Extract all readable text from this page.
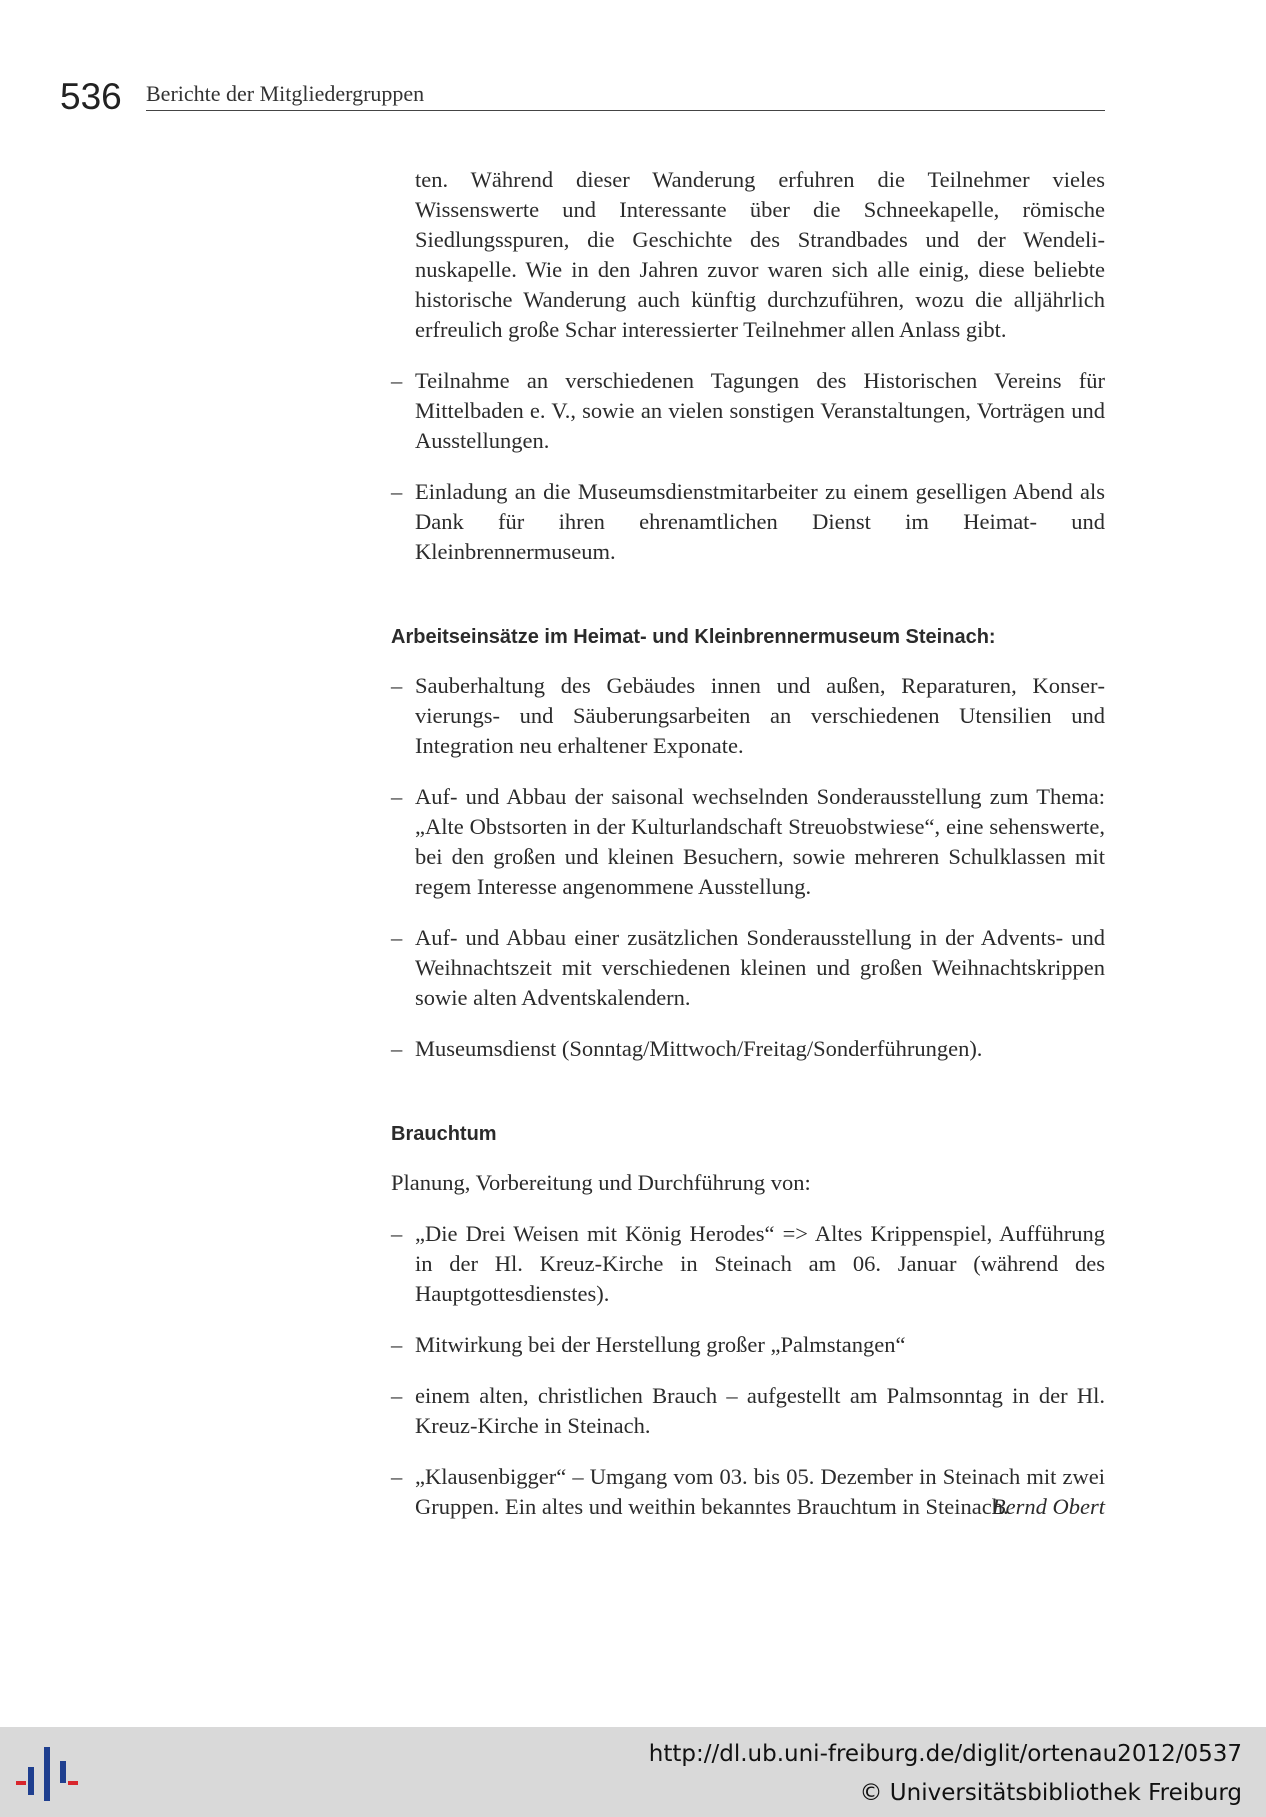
536 Berichte der Mitgliedergruppen

ten. Während dieser Wanderung erfuhren die Teilnehmer vieles Wissenswerte und Interessante über die Schneekapelle, römische Siedlungsspuren, die Geschichte des Strandbades und der Wendelinuskapelle. Wie in den Jahren zuvor waren sich alle einig, diese beliebte historische Wanderung auch künftig durchzuführen, wozu die alljährlich erfreulich große Schar interessierter Teilnehmer allen Anlass gibt.

– Teilnahme an verschiedenen Tagungen des Historischen Vereins für Mittelbaden e. V., sowie an vielen sonstigen Veranstaltungen, Vorträgen und Ausstellungen.
– Einladung an die Museumsdienstmitarbeiter zu einem geselligen Abend als Dank für ihren ehrenamtlichen Dienst im Heimat- und Kleinbrennermuseum.
Arbeitseinsätze im Heimat- und Kleinbrennermuseum Steinach:
– Sauberhaltung des Gebäudes innen und außen, Reparaturen, Konservierungs- und Säuberungsarbeiten an verschiedenen Utensilien und Integration neu erhaltener Exponate.
– Auf- und Abbau der saisonal wechselnden Sonderausstellung zum Thema: „Alte Obstsorten in der Kulturlandschaft Streuobstwiese“, eine sehenswerte, bei den großen und kleinen Besuchern, sowie mehreren Schulklassen mit regem Interesse angenommene Ausstellung.
– Auf- und Abbau einer zusätzlichen Sonderausstellung in der Advents- und Weihnachtszeit mit verschiedenen kleinen und großen Weihnachtskrippen sowie alten Adventskalendern.
– Museumsdienst (Sonntag/Mittwoch/Freitag/Sonderführungen).
Brauchtum

Planung, Vorbereitung und Durchführung von:

– „Die Drei Weisen mit König Herodes“ => Altes Krippenspiel, Aufführung in der Hl. Kreuz-Kirche in Steinach am 06. Januar (während des Hauptgottesdienstes).
– Mitwirkung bei der Herstellung großer „Palmstangen“
– einem alten, christlichen Brauch – aufgestellt am Palmsonntag in der Hl. Kreuz-Kirche in Steinach.
– „Klausenbigger“ – Umgang vom 03. bis 05. Dezember in Steinach mit zwei Gruppen. Ein altes und weithin bekanntes Brauchtum in Steinach.
Bernd Obert
http://dl.ub.uni-freiburg.de/diglit/ortenau2012/0537
© Universitätsbibliothek Freiburg
